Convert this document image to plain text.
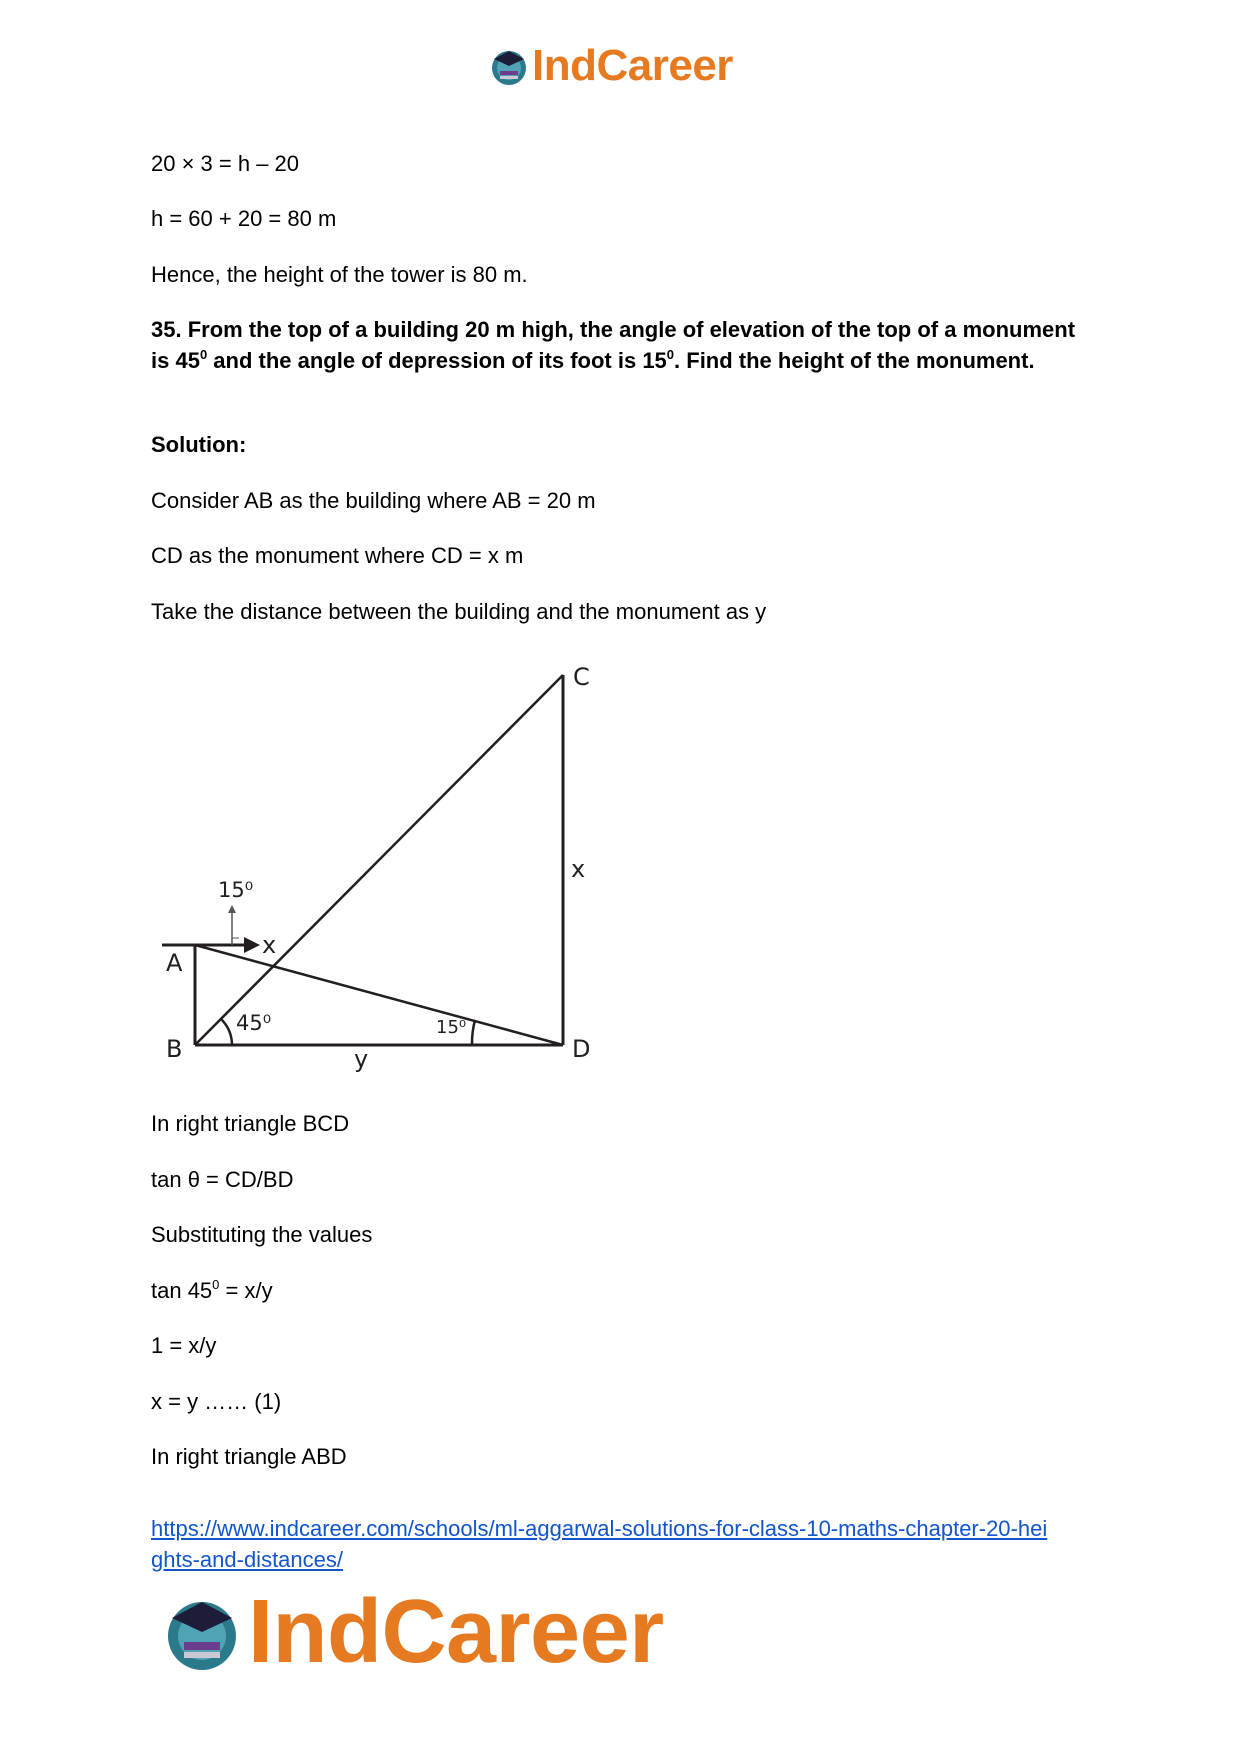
IndCareer

20 × 3 = h – 20

h = 60 + 20 = 80 m

Hence, the height of the tower is 80 m.

35. From the top of a building 20 m high, the angle of elevation of the top of a monument is $45^0$ and the angle of depression of its foot is $15^0$. Find the height of the monument.

Solution:

Consider AB as the building where AB = 20 m

CD as the monument where CD = x m

Take the distance between the building and the monument as y

C
x
A
B	D
y
x
15⁰
45⁰	15⁰

In right triangle BCD

tan θ = CD/BD

Substituting the values

$\tan 45^0 = x/y$

1 = x/y

x = y …… (1)

In right triangle ABD

https://www.indcareer.com/schools/ml-aggarwal-solutions-for-class-10-maths-chapter-20-hei
ghts-and-distances/
IndCareer
